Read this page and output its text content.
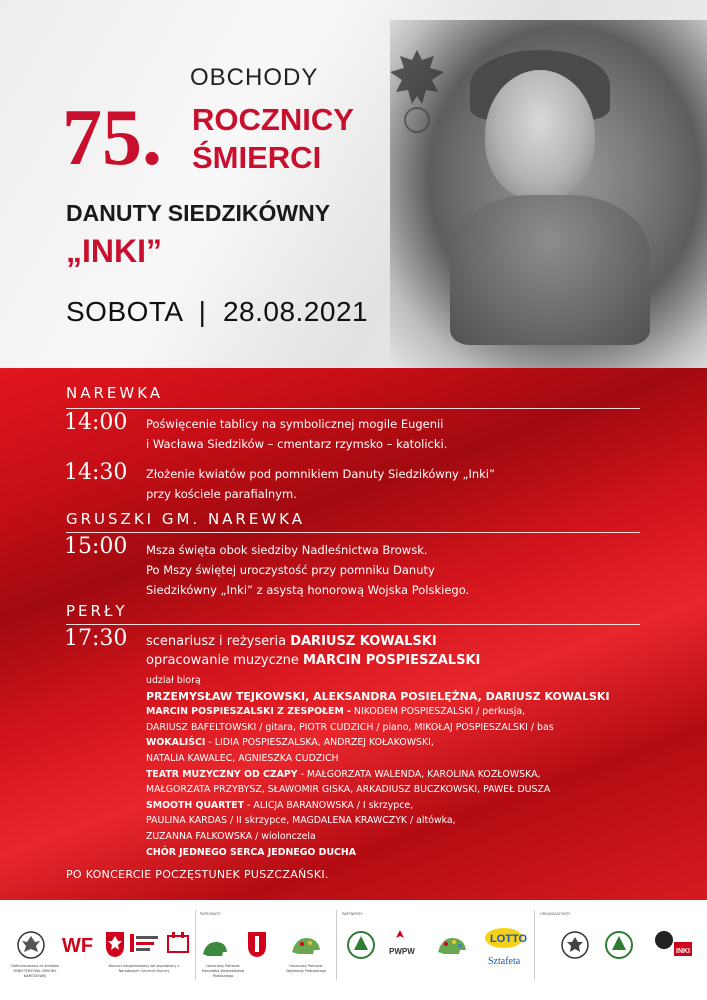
OBCHODY
75. ROCZNICY
ŚMIERCI
DANUTY SIEDZIKÓWNY
„INKI”
SOBOTA  |  28.08.2021
NAREWKA
14:00 Poświęcenie tablicy na symbolicznej mogile Eugenii
i Wacława Siedzików – cmentarz rzymsko – katolicki.
14:30 Złożenie kwiatów pod pomnikiem Danuty Siedzikówny „Inki”
przy kościele parafialnym.
GRUSZKI GM. NAREWKA
15:00 Msza święta obok siedziby Nadleśnictwa Browsk.
Po Mszy świętej uroczystość przy pomniku Danuty
Siedzikówny „Inki” z asystą honorową Wojska Polskiego.
PERŁY
17:30 scenariusz i reżyseria DARIUSZ KOWALSKI
opracowanie muzyczne MARCIN POSPIESZALSKI
udział biorą
PRZEMYSŁAW TEJKOWSKI, ALEKSANDRA POSIELĘŻNA, DARIUSZ KOWALSKI
MARCIN POSPIESZALSKI Z ZESPOŁEM - NIKODEM POSPIESZALSKI / perkusja,
DARIUSZ BAFELTOWSKI / gitara, PIOTR CUDZICH / piano, MIKOŁAJ POSPIESZALSKI / bas
WOKALIŚCI - LIDIA POSPIESZALSKA, ANDRZEJ KOŁAKOWSKI,
NATALIA KAWALEC, AGNIESZKA CUDZICH
TEATR MUZYCZNY OD CZAPY - MAŁGORZATA WALENDA, KAROLINA KOZŁOWSKA,
MAŁGORZATA PRZYBYSZ, SŁAWOMIR GISKA, ARKADIUSZ BUCZKOWSKI, PAWEŁ DUSZA
SMOOTH QUARTET - ALICJA BARANOWSKA / I skrzypce,
PAULINA KARDAS / II skrzypce, MAGDALENA KRAWCZYK / altówka,
ZUZANNA FALKOWSKA / wiolonczela
CHÓR JEDNEGO SERCA JEDNEGO DUCHA
PO KONCERCIE POCZĘSTUNEK PUSZCZAŃSKI.
PATRONATY	PARTNERZY	ORGANIZATORZY
WF	PWPW
LOTTO
Sztafeta
INKI
Dofinansowano ze środków MINISTERSTWA OBRONY NARODOWEJ
Koncert zorganizowany we współpracy z Narodowym Centrum Kultury
Honorowy Patronat Marszałka Województwa Podlaskiego
Honorowy Patronat Wojewody Podlaskiego
